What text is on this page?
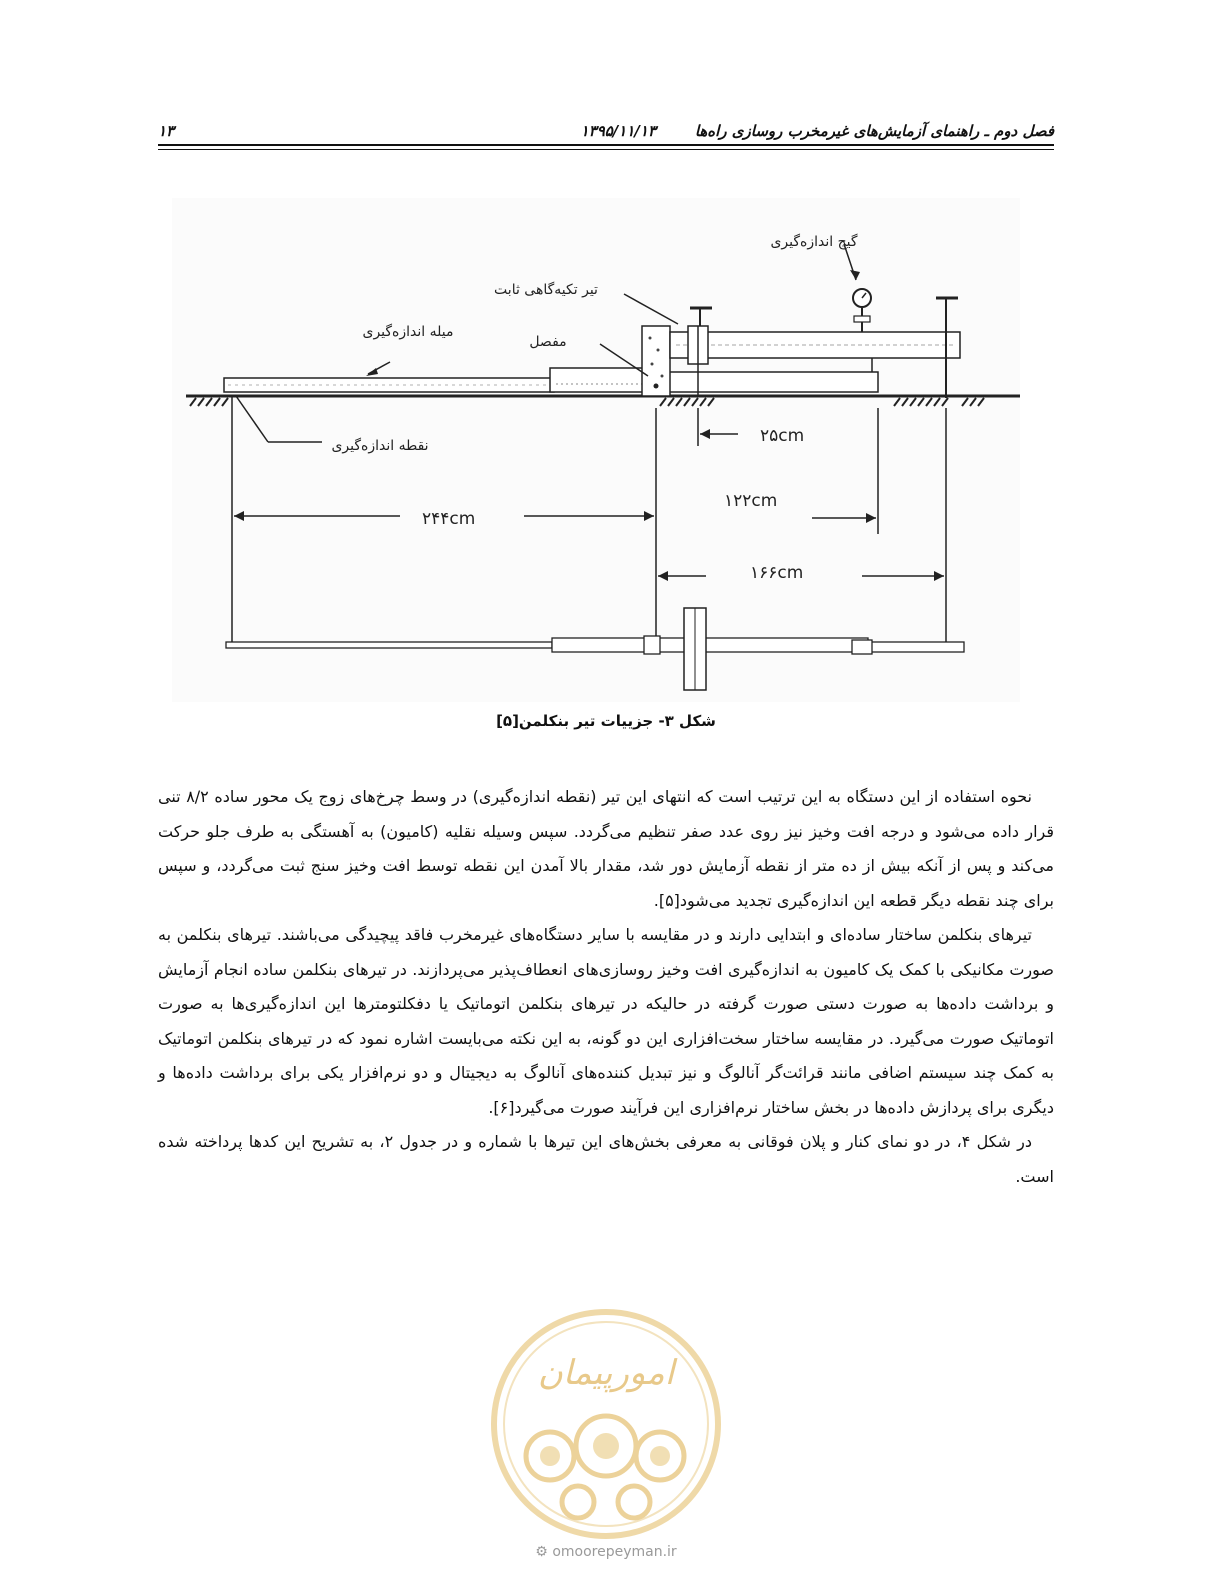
فصل دوم ـ راهنمای آزمایش‌های غیرمخرب روسازی راه‌ها
۱۳۹۵/۱۱/۱۳
۱۳
گیج اندازه‌گیری
تیر تکیه‌گاهی ثابت
میله اندازه‌گیری
مفصل
نقطه اندازه‌گیری	۲۵cm
۱۲۲cm
۲۴۴cm
۱۶۶cm
شکل ۳- جزییات تیر بنکلمن[۵]

نحوه استفاده از این دستگاه به این ترتیب است که انتهای این تیر (نقطه اندازه‌گیری) در وسط چرخ‌های زوج یک محور ساده ۸/۲ تنی قرار داده می‌شود و درجه افت وخیز نیز روی عدد صفر تنظیم می‌گردد. سپس وسیله نقلیه (کامیون) به آهستگی به طرف جلو حرکت می‌کند و پس از آنکه بیش از ده متر از نقطه آزمایش دور شد، مقدار بالا آمدن این نقطه توسط افت وخیز سنج ثبت می‌گردد، و سپس برای چند نقطه دیگر قطعه این اندازه‌گیری تجدید می‌شود[۵].

تیرهای بنکلمن ساختار ساده‌ای و ابتدایی دارند و در مقایسه با سایر دستگاه‌های غیرمخرب فاقد پیچیدگی می‌باشند. تیرهای بنکلمن به صورت مکانیکی با کمک یک کامیون به اندازه‌گیری افت وخیز روسازی‌های انعطاف‌پذیر می‌پردازند. در تیرهای بنکلمن ساده انجام آزمایش و برداشت داده‌ها به صورت دستی صورت گرفته در حالیکه در تیرهای بنکلمن اتوماتیک یا دفکلتومترها این اندازه‌گیری‌ها به صورت اتوماتیک صورت می‌گیرد. در مقایسه ساختار سخت‌افزاری این دو گونه، به این نکته می‌بایست اشاره نمود که در تیرهای بنکلمن اتوماتیک به کمک چند سیستم اضافی مانند قرائت‌گر آنالوگ و نیز تبدیل کننده‌های آنالوگ به دیجیتال و دو نرم‌افزار یکی برای برداشت داده‌ها و دیگری برای پردازش داده‌ها در بخش ساختار نرم‌افزاری این فرآیند صورت می‌گیرد[۶].

در شکل ۴، در دو نمای کنار و پلان فوقانی به معرفی بخش‌های این تیرها با شماره و در جدول ۲، به تشریح این کدها پرداخته شده است.

امورپیمان
⚙ omoorepeyman.ir
